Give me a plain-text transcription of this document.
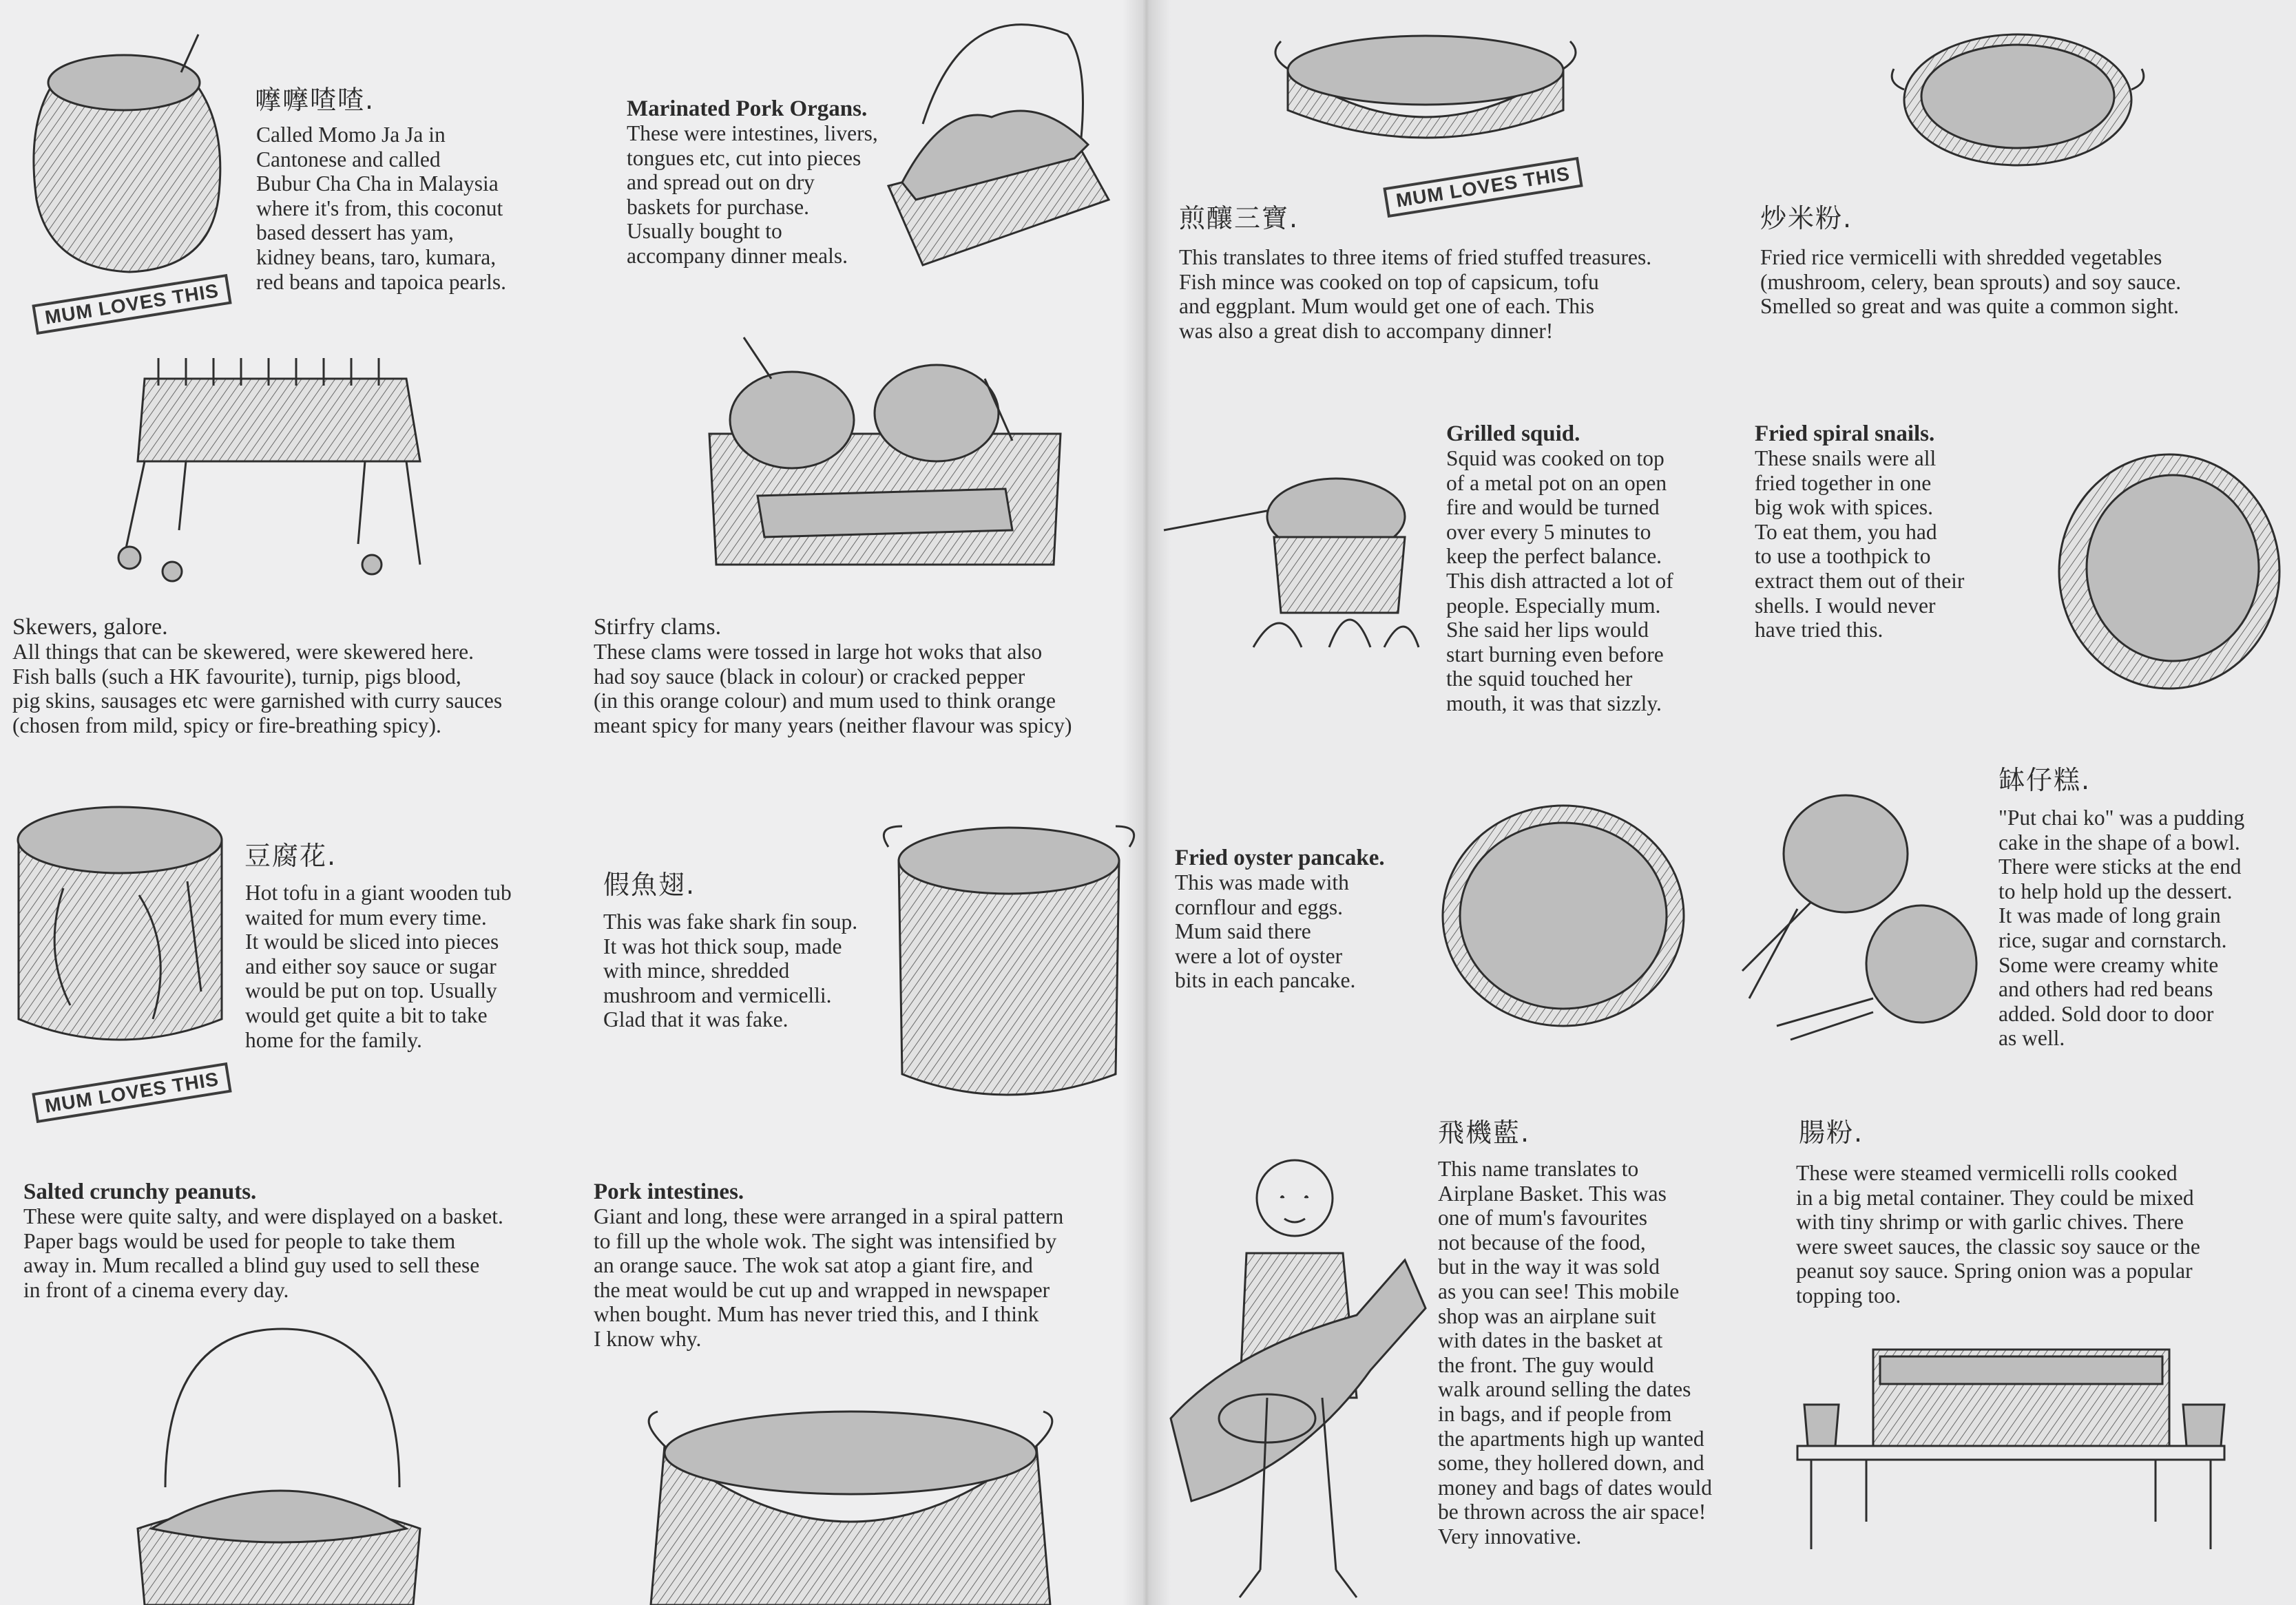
嚤嚤喳喳.
Called Momo Ja Ja in
Cantonese and called
Bubur Cha Cha in Malaysia
where it's from, this coconut
based dessert has yam,
kidney beans, taro, kumara,
red beans and tapoica pearls.
MUM LOVES THIS
Marinated Pork Organs.
These were intestines, livers,
tongues etc, cut into pieces
and spread out on dry
baskets for purchase.
Usually bought to
accompany dinner meals.
Skewers, galore.
All things that can be skewered, were skewered here.
Fish balls (such a HK favourite), turnip, pigs blood,
pig skins, sausages etc were garnished with curry sauces
(chosen from mild, spicy or fire-breathing spicy).
Stirfry clams.
These clams were tossed in large hot woks that also
had soy sauce (black in colour) or cracked pepper
(in this orange colour) and mum used to think orange
meant spicy for many years (neither flavour was spicy)
豆腐花.
Hot tofu in a giant wooden tub
waited for mum every time.
It would be sliced into pieces
and either soy sauce or sugar
would be put on top. Usually
would get quite a bit to take
home for the family.
MUM LOVES THIS
假魚翅.
This was fake shark fin soup.
It was hot thick soup, made
with mince, shredded
mushroom and vermicelli.
Glad that it was fake.
Salted crunchy peanuts.
These were quite salty, and were displayed on a basket.
Paper bags would be used for people to take them
away in. Mum recalled a blind guy used to sell these
in front of a cinema every day.
Pork intestines.
Giant and long, these were arranged in a spiral pattern
to fill up the whole wok. The sight was intensified by
an orange sauce. The wok sat atop a giant fire, and
the meat would be cut up and wrapped in newspaper
when bought. Mum has never tried this, and I think
I know why.
MUM LOVES THIS
煎釀三寶.
This translates to three items of fried stuffed treasures.
Fish mince was cooked on top of capsicum, tofu
and eggplant. Mum would get one of each. This
was also a great dish to accompany dinner!
炒米粉.
Fried rice vermicelli with shredded vegetables
(mushroom, celery, bean sprouts) and soy sauce.
Smelled so great and was quite a common sight.
Grilled squid.
Squid was cooked on top
of a metal pot on an open
fire and would be turned
over every 5 minutes to
keep the perfect balance.
This dish attracted a lot of
people. Especially mum.
She said her lips would
start burning even before
the squid touched her
mouth, it was that sizzly.
Fried spiral snails.
These snails were all
fried together in one
big wok with spices.
To eat them, you had
to use a toothpick to
extract them out of their
shells. I would never
have tried this.
Fried oyster pancake.
This was made with
cornflour and eggs.
Mum said there
were a lot of oyster
bits in each pancake.
缽仔糕.
"Put chai ko" was a pudding
cake in the shape of a bowl.
There were sticks at the end
to help hold up the dessert.
It was made of long grain
rice, sugar and cornstarch.
Some were creamy white
and others had red beans
added. Sold door to door
as well.
飛機藍.
This name translates to
Airplane Basket. This was
one of mum's favourites
not because of the food,
but in the way it was sold
as you can see! This mobile
shop was an airplane suit
with dates in the basket at
the front. The guy would
walk around selling the dates
in bags, and if people from
the apartments high up wanted
some, they hollered down, and
money and bags of dates would
be thrown across the air space!
Very innovative.
腸粉.
These were steamed vermicelli rolls cooked
in a big metal container. They could be mixed
with tiny shrimp or with garlic chives. There
were sweet sauces, the classic soy sauce or the
peanut soy sauce. Spring onion was a popular
topping too.
